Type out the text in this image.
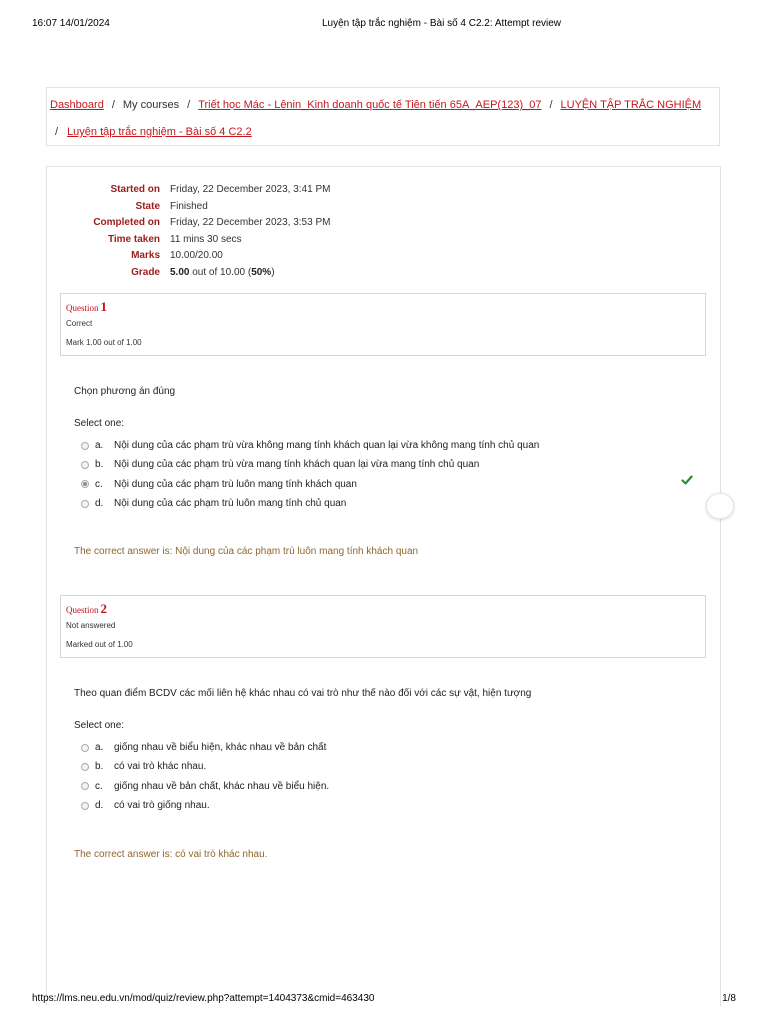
16:07 14/01/2024	Luyện tập trắc nghiệm - Bài số 4 C2.2: Attempt review
Dashboard / My courses / Triết học Mác - Lênin_Kinh doanh quốc tế Tiên tiến 65A_AEP(123)_07 / LUYỆN TẬP TRẮC NGHIỆM
/ Luyện tập trắc nghiệm - Bài số 4 C2.2
Started on Friday, 22 December 2023, 3:41 PM
State Finished
Completed on Friday, 22 December 2023, 3:53 PM
Time taken 11 mins 30 secs
Marks 10.00/20.00
Grade 5.00 out of 10.00 (50%)
Question 1
Correct
Mark 1.00 out of 1.00
Chọn phương án đúng
Select one:
a.	Nội dung của các phạm trù vừa không mang tính khách quan lại vừa không mang tính chủ quan
b.	Nội dung của các phạm trù vừa mang tính khách quan lại vừa mang tính chủ quan
c.	Nội dung của các phạm trù luôn mang tính khách quan
d.	Nội dung của các phạm trù luôn mang tính chủ quan
The correct answer is: Nội dung của các phạm trù luôn mang tính khách quan
Question 2
Not answered
Marked out of 1.00
Theo quan điểm BCDV các mối liên hệ khác nhau có vai trò như thế nào đối với các sự vật, hiện tượng
Select one:
a.	giống nhau về biểu hiện, khác nhau về bản chất
b.	có vai trò khác nhau.
c.	giống nhau về bản chất, khác nhau về biểu hiện.
d.	có vai trò giống nhau.
The correct answer is: có vai trò khác nhau.
https://lms.neu.edu.vn/mod/quiz/review.php?attempt=1404373&cmid=463430	1/8
